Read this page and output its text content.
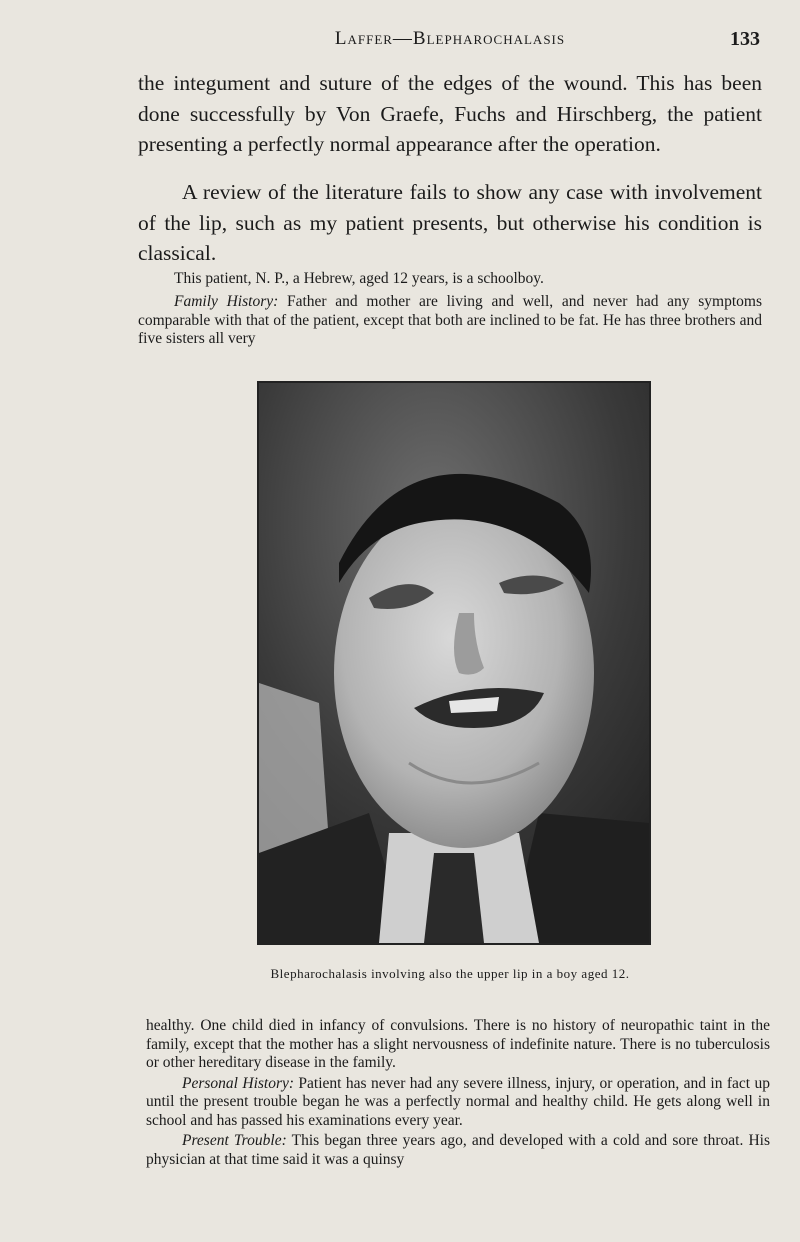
Laffer—Blepharochalasis	133

the integument and suture of the edges of the wound. This has been done successfully by Von Graefe, Fuchs and Hirschberg, the patient presenting a perfectly normal appearance after the operation.

A review of the literature fails to show any case with involvement of the lip, such as my patient presents, but otherwise his condition is classical.

This patient, N. P., a Hebrew, aged 12 years, is a schoolboy.

Family History: Father and mother are living and well, and never had any symptoms comparable with that of the patient, except that both are inclined to be fat. He has three brothers and five sisters all very

Blepharochalasis involving also the upper lip in a boy aged 12.

healthy. One child died in infancy of convulsions. There is no history of neuropathic taint in the family, except that the mother has a slight nervousness of indefinite nature. There is no tuberculosis or other hereditary disease in the family.

Personal History: Patient has never had any severe illness, injury, or operation, and in fact up until the present trouble began he was a perfectly normal and healthy child. He gets along well in school and has passed his examinations every year.

Present Trouble: This began three years ago, and developed with a cold and sore throat. His physician at that time said it was a quinsy
